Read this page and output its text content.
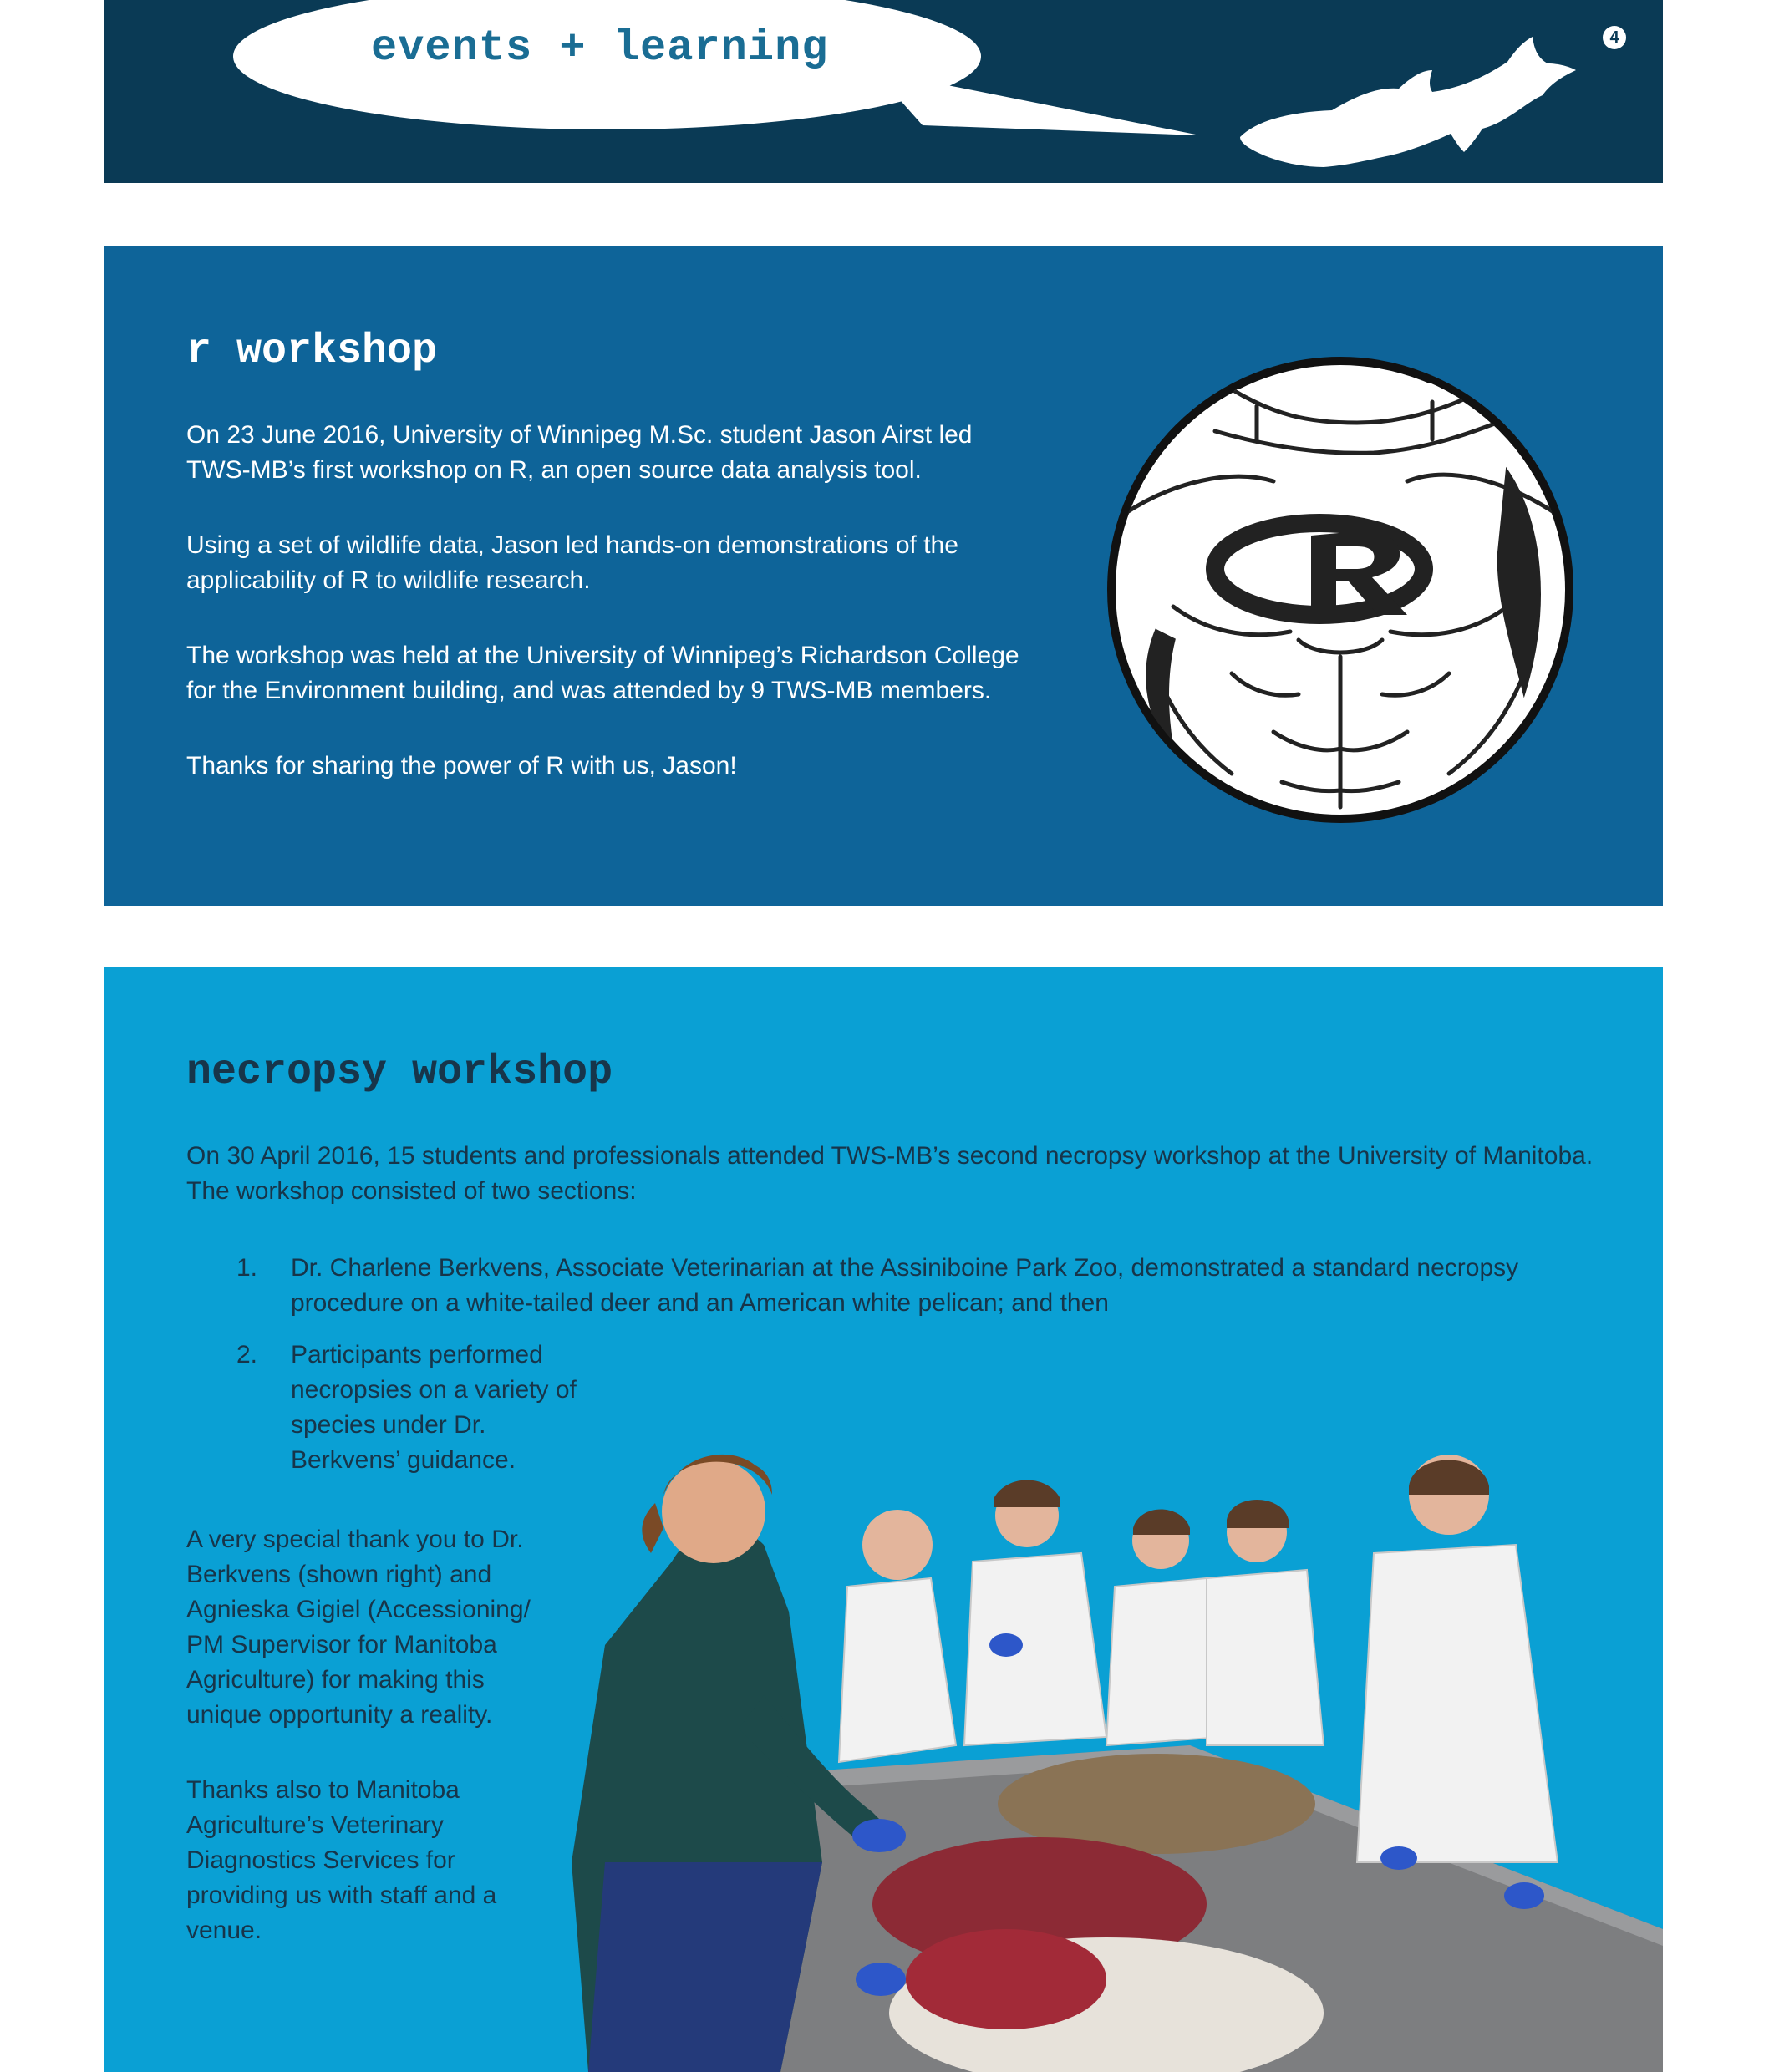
events + learning	4
r workshop

On 23 June 2016, University of Winnipeg M.Sc. student Jason Airst led TWS-MB’s first workshop on R, an open source data analysis tool.

Using a set of wildlife data, Jason led hands-on demonstrations of the applicability of R to wildlife research.

The workshop was held at the University of Winnipeg’s Richardson College for the Environment building, and was attended by 9 TWS-MB members.

Thanks for sharing the power of R with us, Jason!

necropsy workshop

On 30 April 2016, 15 students and professionals attended TWS-MB’s second necropsy workshop at the University of Manitoba. The workshop consisted of two sections:

1. Dr. Charlene Berkvens, Associate Veterinarian at the Assiniboine Park Zoo, demonstrated a standard necropsy procedure on a white-tailed deer and an American white pelican; and then

2. Participants performed necropsies on a variety of species under Dr. Berkvens’ guidance.

A very special thank you to Dr. Berkvens (shown right) and Agnieska Gigiel (Accessioning/ PM Supervisor for Manitoba Agriculture) for making this unique opportunity a reality.

Thanks also to Manitoba Agriculture’s Veterinary Diagnostics Services for providing us with staff and a venue.
